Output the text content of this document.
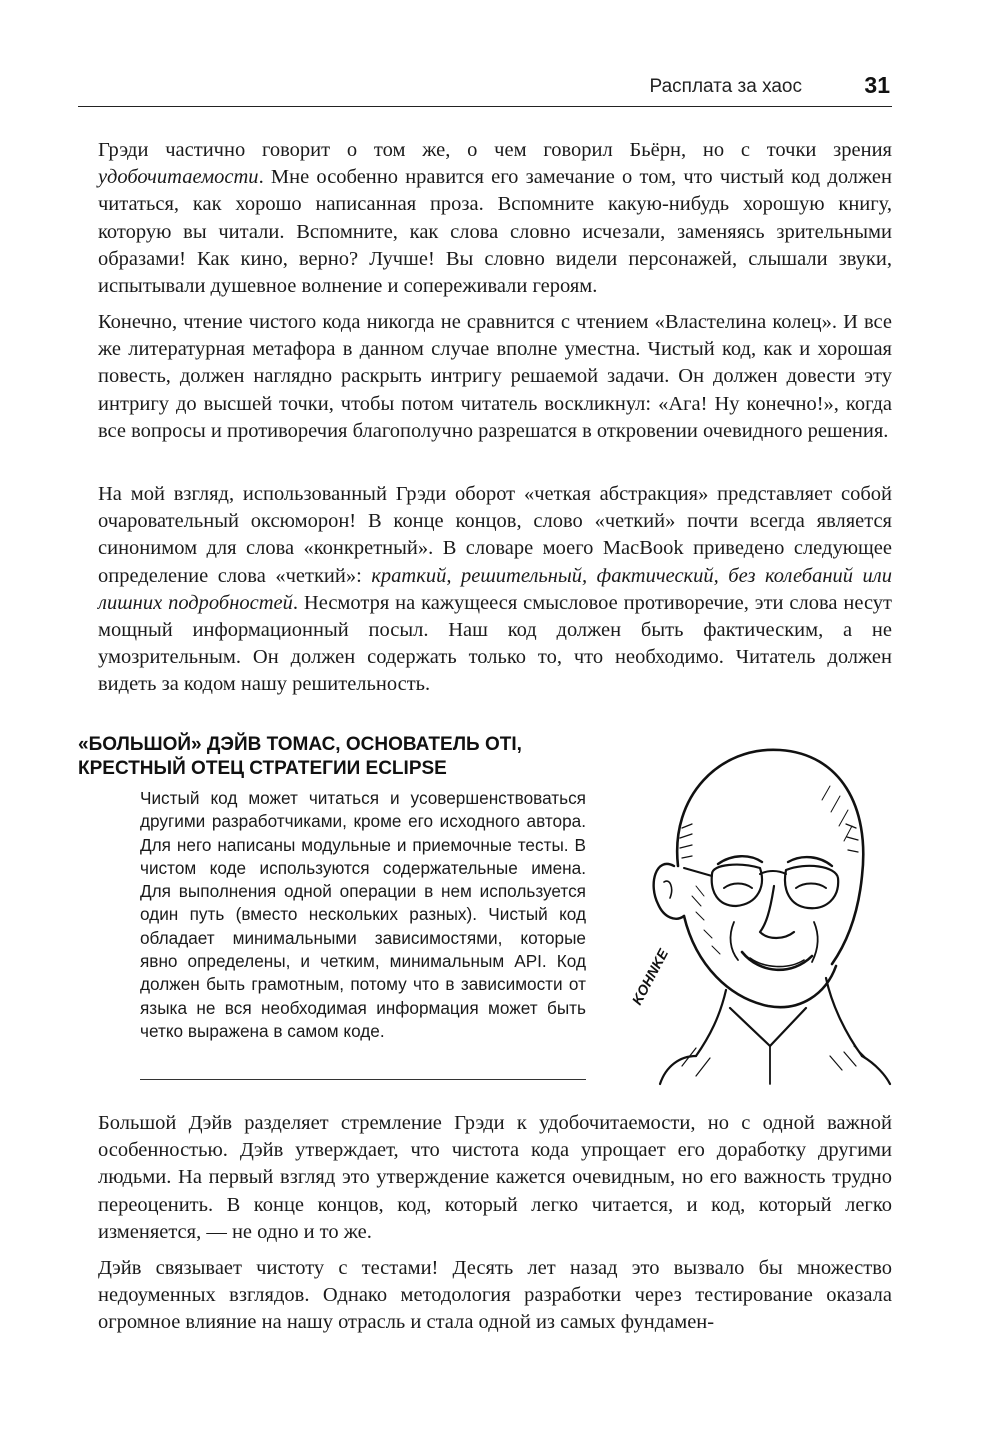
Расплата за хаос	31

Грэди частично говорит о том же, о чем говорил Бьёрн, но с точки зрения удобочитаемости. Мне особенно нравится его замечание о том, что чистый код должен читаться, как хорошо написанная проза. Вспомните какую-нибудь хорошую книгу, которую вы читали. Вспомните, как слова словно исчезали, заменяясь зрительными образами! Как кино, верно? Лучше! Вы словно видели персонажей, слышали звуки, испытывали душевное волнение и сопереживали героям.

Конечно, чтение чистого кода никогда не сравнится с чтением «Властелина колец». И все же литературная метафора в данном случае вполне уместна. Чистый код, как и хорошая повесть, должен наглядно раскрыть интригу решаемой задачи. Он должен довести эту интригу до высшей точки, чтобы потом читатель воскликнул: «Ага! Ну конечно!», когда все вопросы и противоречия благополучно разрешатся в откровении очевидного решения.

На мой взгляд, использованный Грэди оборот «четкая абстракция» представляет собой очаровательный оксюморон! В конце концов, слово «четкий» почти всегда является синонимом для слова «конкретный». В словаре моего MacBook приведено следующее определение слова «четкий»: краткий, решительный, фактический, без колебаний или лишних подробностей. Несмотря на кажущееся смысловое противоречие, эти слова несут мощный информационный посыл. Наш код должен быть фактическим, а не умозрительным. Он должен содержать только то, что необходимо. Читатель должен видеть за кодом нашу решительность.

«БОЛЬШОЙ» ДЭЙВ ТОМАС, ОСНОВАТЕЛЬ OTI,
КРЕСТНЫЙ ОТЕЦ СТРАТЕГИИ ECLIPSE
Чистый код может читаться и усовершенствоваться другими разработчиками, кроме его исходного автора. Для него написаны модульные и приемочные тесты. В чистом коде используются содержательные имена. Для выполнения одной операции в нем используется один путь (вместо нескольких разных). Чистый код обладает минимальными зависимостями, которые явно определены, и четким, минимальным API. Код должен быть грамотным, потому что в зависимости от языка не вся необходимая информация может быть четко выражена в самом коде.
KOHNKE

Большой Дэйв разделяет стремление Грэди к удобочитаемости, но с одной важной особенностью. Дэйв утверждает, что чистота кода упрощает его доработку другими людьми. На первый взгляд это утверждение кажется очевидным, но его важность трудно переоценить. В конце концов, код, который легко читается, и код, который легко изменяется, — не одно и то же.

Дэйв связывает чистоту с тестами! Десять лет назад это вызвало бы множество недоуменных взглядов. Однако методология разработки через тестирование оказала огромное влияние на нашу отрасль и стала одной из самых фундамен-
